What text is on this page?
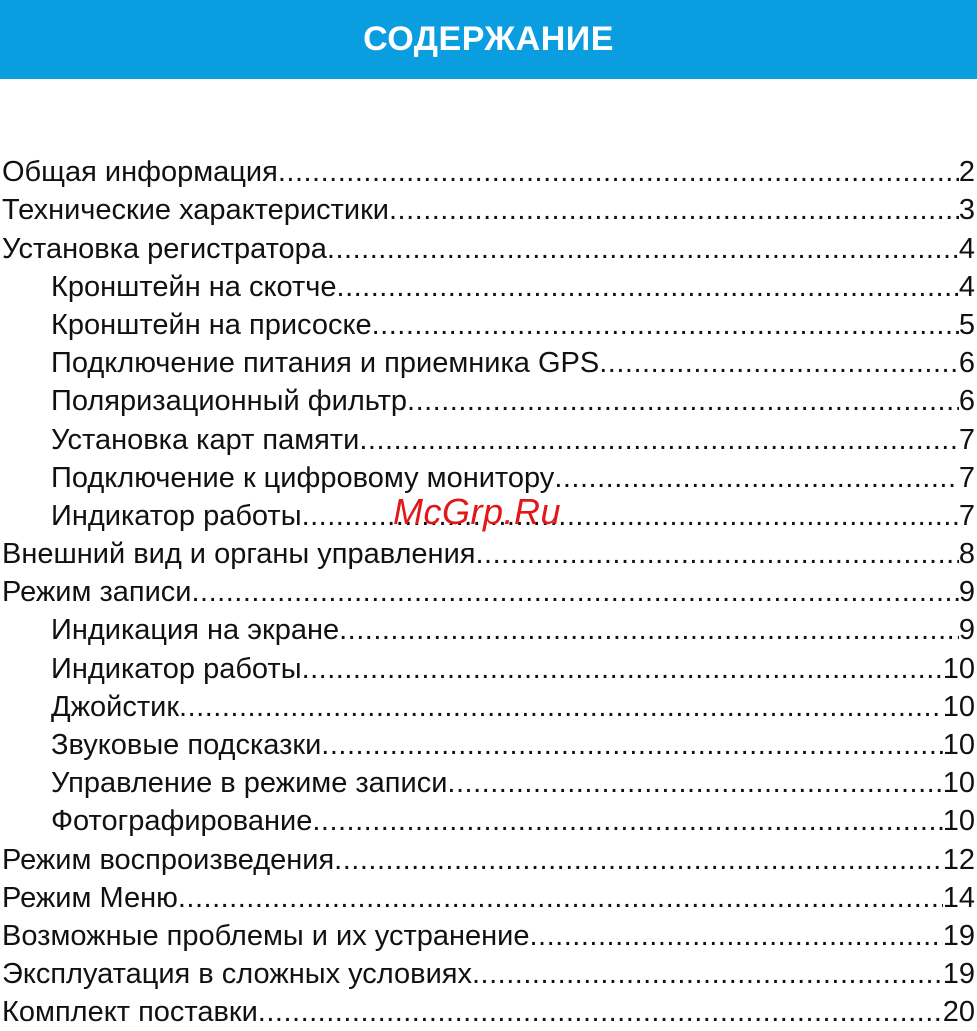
СОДЕРЖАНИЕ
Общая информация .....	2
Технические характеристики .....	3
Установка регистратора .....	4
Кронштейн на скотче .....	4
Кронштейн на присоске .....	5
Подключение питания и приемника GPS .....	6
Поляризационный фильтр .....	6
Установка карт памяти .....	7
Подключение к цифровому монитору .....	7
Индикатор работы .....	7
Внешний вид и органы управления .....	8
Режим записи .....	9
Индикация на экране .....	9
Индикатор работы .....	10
Джойстик .....	10
Звуковые подсказки .....	10
Управление в режиме записи .....	10
Фотографирование .....	10
Режим воспроизведения .....	12
Режим Меню .....	14
Возможные проблемы и их устранение .....	19
Эксплуатация в сложных условиях .....	19
Комплект поставки .....	20
McGrp.Ru
